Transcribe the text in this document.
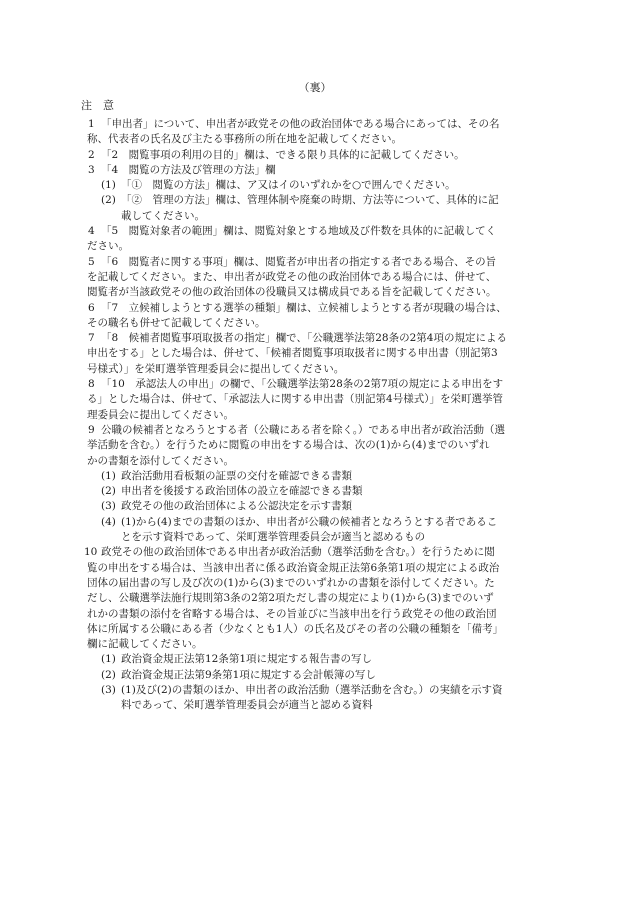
（裏）
注　意
1 「申出者」について、申出者が政党その他の政治団体である場合にあっては、その名
称、代表者の氏名及び主たる事務所の所在地を記載してください。
2 「2　閲覧事項の利用の目的」欄は、できる限り具体的に記載してください。
3 「4　閲覧の方法及び管理の方法」欄
(1) 「①　閲覧の方法」欄は、ア又はイのいずれかを○で囲んでください。
(2) 「②　管理の方法」欄は、管理体制や廃棄の時期、方法等について、具体的に記
載してください。
4 「5　閲覧対象者の範囲」欄は、閲覧対象とする地域及び件数を具体的に記載してく
ださい。
5 「6　閲覧者に関する事項」欄は、閲覧者が申出者の指定する者である場合、その旨
を記載してください。また、申出者が政党その他の政治団体である場合には、併せて、
閲覧者が当該政党その他の政治団体の役職員又は構成員である旨を記載してください。
6 「7　立候補しようとする選挙の種類」欄は、立候補しようとする者が現職の場合は、
その職名も併せて記載してください。
7 「8　候補者閲覧事項取扱者の指定」欄で、「公職選挙法第28条の2第4項の規定による
申出をする」とした場合は、併せて、「候補者閲覧事項取扱者に関する申出書（別記第3
号様式）」を栄町選挙管理委員会に提出してください。
8 「10　承認法人の申出」の欄で、「公職選挙法第28条の2第7項の規定による申出をす
る」とした場合は、併せて、「承認法人に関する申出書（別記第4号様式）」を栄町選挙管
理委員会に提出してください。
9 公職の候補者となろうとする者（公職にある者を除く。）である申出者が政治活動（選
挙活動を含む。）を行うために閲覧の申出をする場合は、次の(1)から(4)までのいずれ
かの書類を添付してください。
(1) 政治活動用看板類の証票の交付を確認できる書類
(2) 申出者を後援する政治団体の設立を確認できる書類
(3) 政党その他の政治団体による公認決定を示す書類
(4) (1)から(4)までの書類のほか、申出者が公職の候補者となろうとする者であるこ
とを示す資料であって、栄町選挙管理委員会が適当と認めるもの
10 政党その他の政治団体である申出者が政治活動（選挙活動を含む。）を行うために閲
覧の申出をする場合は、当該申出者に係る政治資金規正法第6条第1項の規定による政治
団体の届出書の写し及び次の(1)から(3)までのいずれかの書類を添付してください。た
だし、公職選挙法施行規則第3条の2第2項ただし書の規定により(1)から(3)までのいず
れかの書類の添付を省略する場合は、その旨並びに当該申出を行う政党その他の政治団
体に所属する公職にある者（少なくとも1人）の氏名及びその者の公職の種類を「備考」
欄に記載してください。
(1) 政治資金規正法第12条第1項に規定する報告書の写し
(2) 政治資金規正法第9条第1項に規定する会計帳簿の写し
(3) (1)及び(2)の書類のほか、申出者の政治活動（選挙活動を含む。）の実績を示す資
料であって、栄町選挙管理委員会が適当と認める資料
